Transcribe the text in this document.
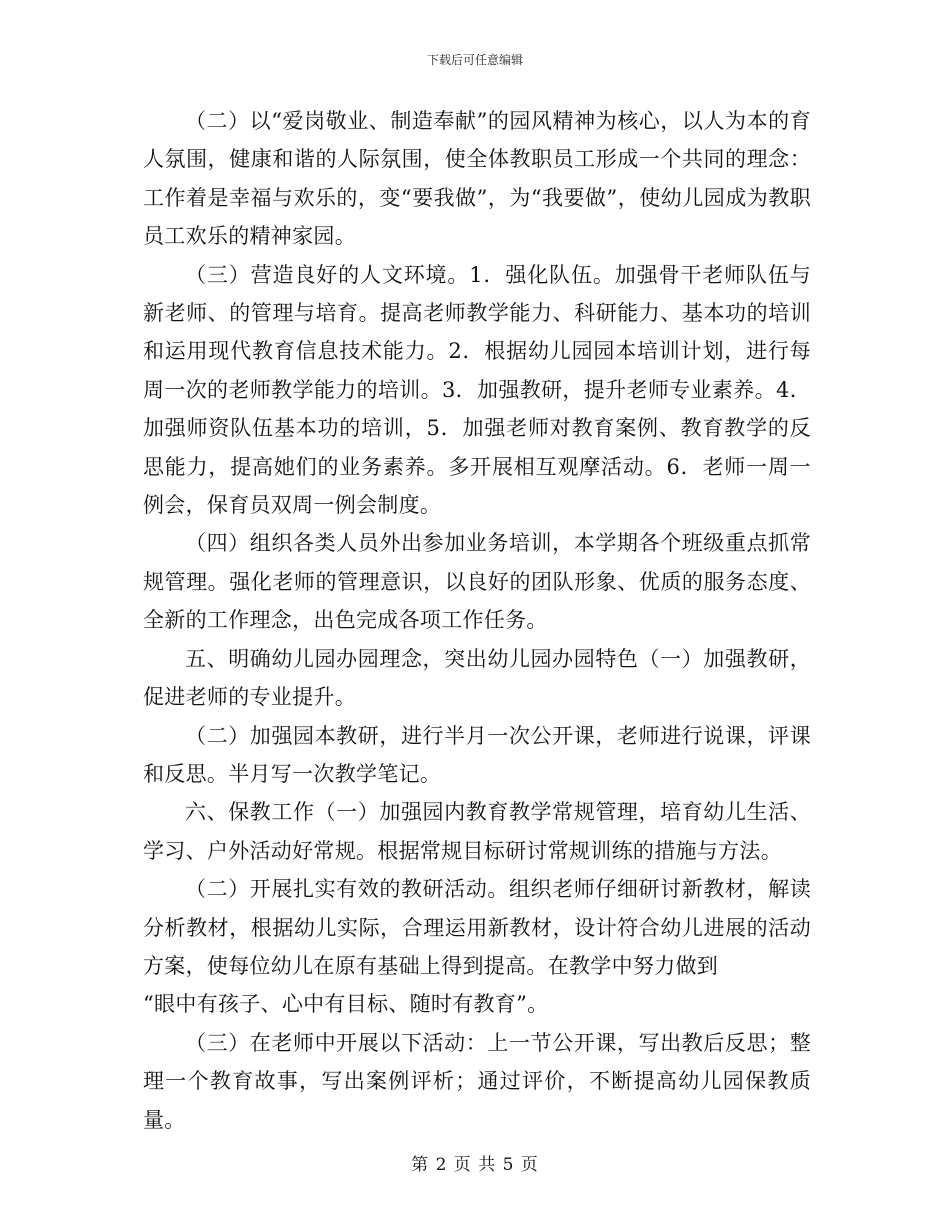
下载后可任意编辑

（二）以“爱岗敬业、制造奉献”的园风精神为核心，以人为本的育人氛围，健康和谐的人际氛围，使全体教职员工形成一个共同的理念：工作着是幸福与欢乐的，变“要我做”，为“我要做”，使幼儿园成为教职员工欢乐的精神家园。

（三）营造良好的人文环境。1．强化队伍。加强骨干老师队伍与新老师、的管理与培育。提高老师教学能力、科研能力、基本功的培训和运用现代教育信息技术能力。2．根据幼儿园园本培训计划，进行每周一次的老师教学能力的培训。3．加强教研，提升老师专业素养。4．加强师资队伍基本功的培训，5．加强老师对教育案例、教育教学的反思能力，提高她们的业务素养。多开展相互观摩活动。6．老师一周一例会，保育员双周一例会制度。

（四）组织各类人员外出参加业务培训，本学期各个班级重点抓常规管理。强化老师的管理意识，以良好的团队形象、优质的服务态度、全新的工作理念，出色完成各项工作任务。

五、明确幼儿园办园理念，突出幼儿园办园特色（一）加强教研，促进老师的专业提升。

（二）加强园本教研，进行半月一次公开课，老师进行说课，评课和反思。半月写一次教学笔记。

六、保教工作（一）加强园内教育教学常规管理，培育幼儿生活、学习、户外活动好常规。根据常规目标研讨常规训练的措施与方法。

（二）开展扎实有效的教研活动。组织老师仔细研讨新教材，解读分析教材，根据幼儿实际，合理运用新教材，设计符合幼儿进展的活动方案，使每位幼儿在原有基础上得到提高。在教学中努力做到

“眼中有孩子、心中有目标、随时有教育”。

（三）在老师中开展以下活动：上一节公开课，写出教后反思；整理一个教育故事，写出案例评析；通过评价，不断提高幼儿园保教质量。

第 2 页 共 5 页
